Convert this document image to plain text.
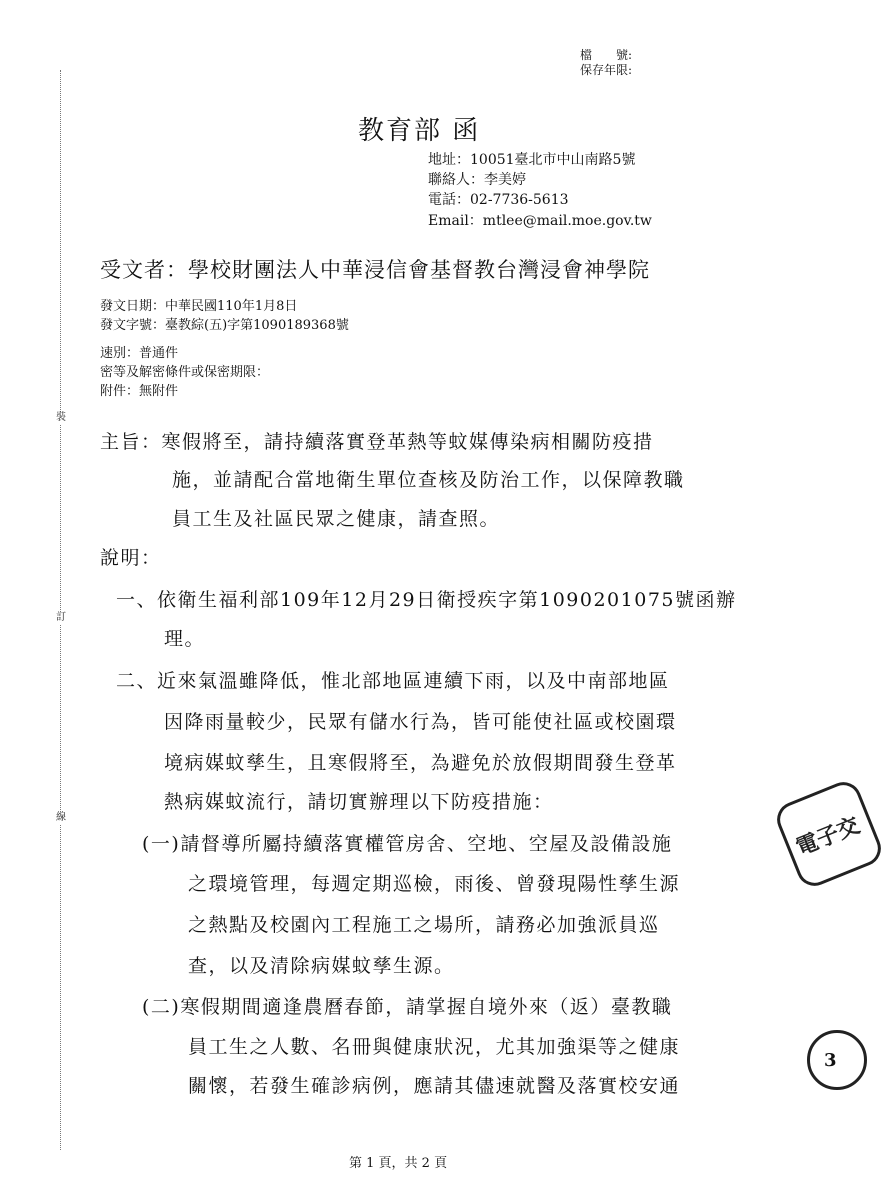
裝
訂
線
檔　　號:
保存年限:
教育部 函
地址：10051臺北市中山南路5號
聯絡人：李美婷
電話：02-7736-5613
Email：mtlee@mail.moe.gov.tw
受文者：學校財團法人中華浸信會基督教台灣浸會神學院
發文日期：中華民國110年1月8日
發文字號：臺教綜(五)字第1090189368號
速別：普通件
密等及解密條件或保密期限：
附件：無附件
主旨：寒假將至，請持續落實登革熱等蚊媒傳染病相關防疫措
施，並請配合當地衛生單位查核及防治工作，以保障教職
員工生及社區民眾之健康，請查照。
說明：
一、依衛生福利部109年12月29日衛授疾字第1090201075號函辦
理。
二、近來氣溫雖降低，惟北部地區連續下雨，以及中南部地區
因降雨量較少，民眾有儲水行為，皆可能使社區或校園環
境病媒蚊孳生，且寒假將至，為避免於放假期間發生登革
熱病媒蚊流行，請切實辦理以下防疫措施：
(一)請督導所屬持續落實權管房舍、空地、空屋及設備設施
之環境管理，每週定期巡檢，雨後、曾發現陽性孳生源
之熱點及校園內工程施工之場所，請務必加強派員巡
查，以及清除病媒蚊孳生源。
(二)寒假期間適逢農曆春節，請掌握自境外來（返）臺教職
員工生之人數、名冊與健康狀況，尤其加強渠等之健康
關懷，若發生確診病例，應請其儘速就醫及落實校安通
電子交
3
第 1 頁，共 2 頁
